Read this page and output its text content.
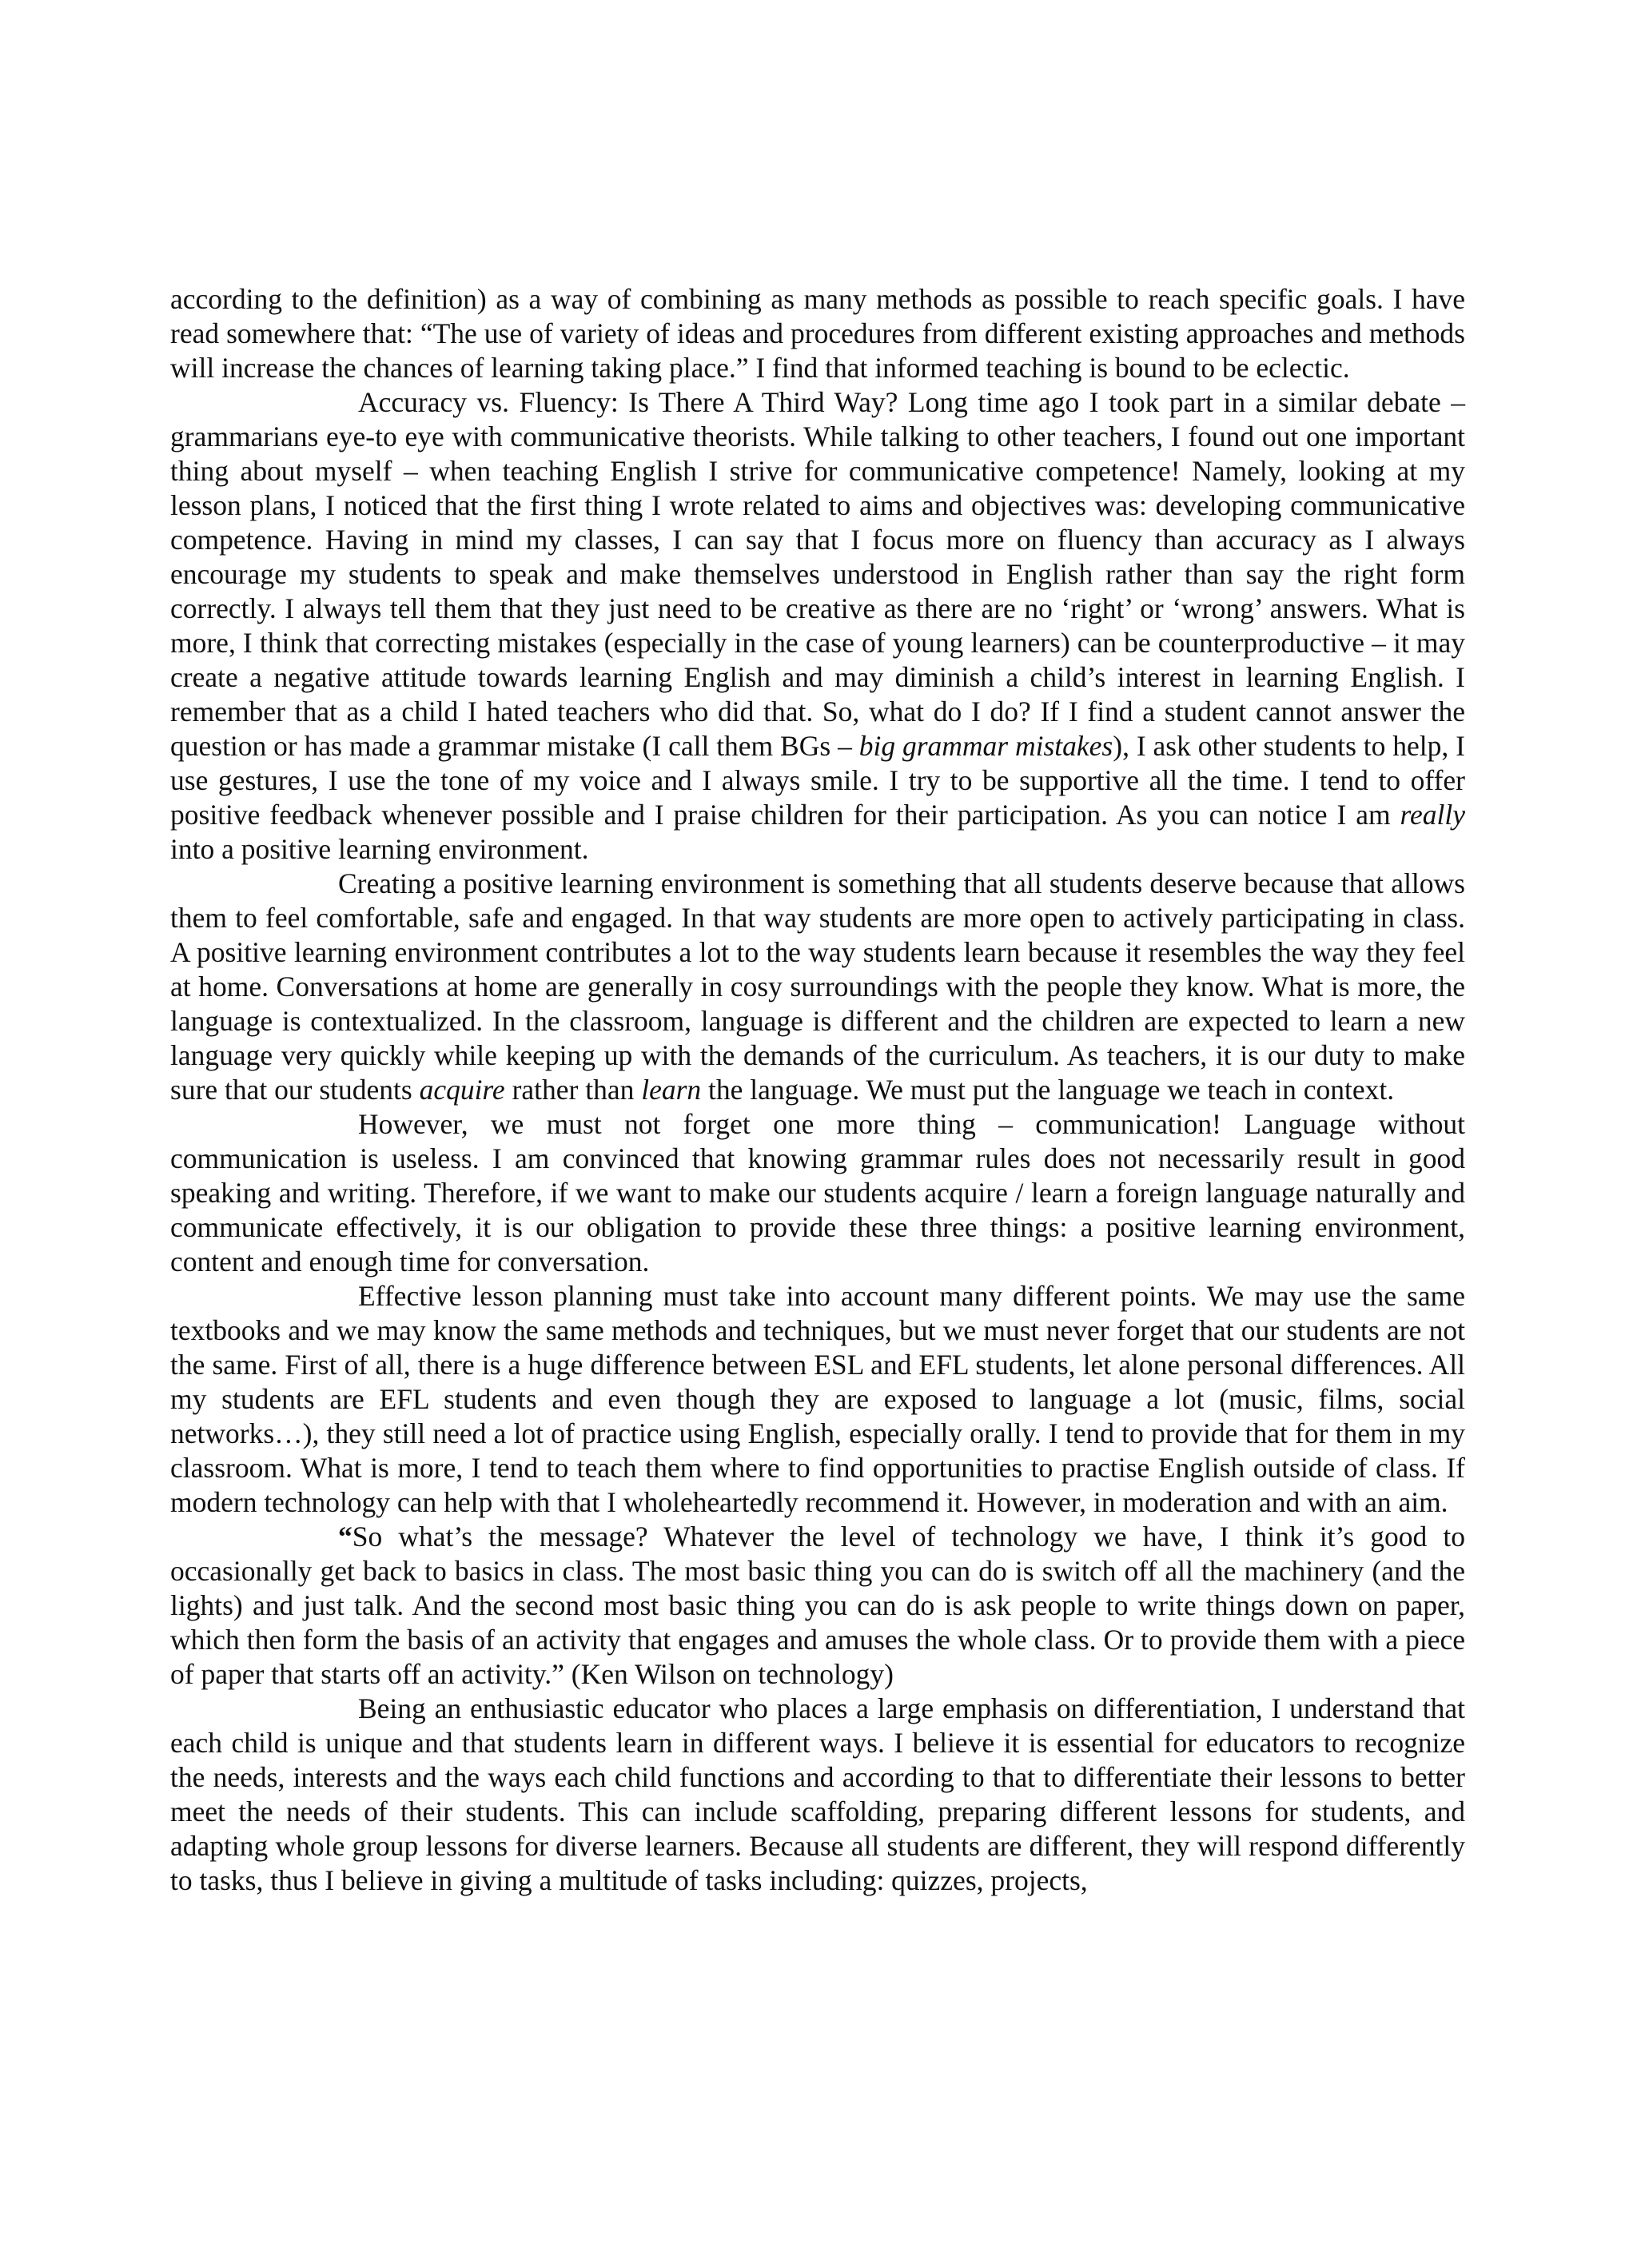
according to the definition) as a way of combining as many methods as possible to reach specific goals. I have read somewhere that: “The use of variety of ideas and procedures from different existing approaches and methods will increase the chances of learning taking place.” I find that informed teaching is bound to be eclectic.

Accuracy vs. Fluency: Is There A Third Way? Long time ago I took part in a similar debate – grammarians eye-to eye with communicative theorists. While talking to other teachers, I found out one important thing about myself – when teaching English I strive for communicative competence! Namely, looking at my lesson plans, I noticed that the first thing I wrote related to aims and objectives was: developing communicative competence. Having in mind my classes, I can say that I focus more on fluency than accuracy as I always encourage my students to speak and make themselves understood in English rather than say the right form correctly. I always tell them that they just need to be creative as there are no ‘right’ or ‘wrong’ answers. What is more, I think that correcting mistakes (especially in the case of young learners) can be counterproductive – it may create a negative attitude towards learning English and may diminish a child’s interest in learning English. I remember that as a child I hated teachers who did that. So, what do I do? If I find a student cannot answer the question or has made a grammar mistake (I call them BGs – big grammar mistakes), I ask other students to help, I use gestures, I use the tone of my voice and I always smile. I try to be supportive all the time. I tend to offer positive feedback whenever possible and I praise children for their participation. As you can notice I am really into a positive learning environment.

Creating a positive learning environment is something that all students deserve because that allows them to feel comfortable, safe and engaged. In that way students are more open to actively participating in class. A positive learning environment contributes a lot to the way students learn because it resembles the way they feel at home. Conversations at home are generally in cosy surroundings with the people they know. What is more, the language is contextualized. In the classroom, language is different and the children are expected to learn a new language very quickly while keeping up with the demands of the curriculum. As teachers, it is our duty to make sure that our students acquire rather than learn the language. We must put the language we teach in context.

However, we must not forget one more thing – communication! Language without communication is useless. I am convinced that knowing grammar rules does not necessarily result in good speaking and writing. Therefore, if we want to make our students acquire / learn a foreign language naturally and communicate effectively, it is our obligation to provide these three things: a positive learning environment, content and enough time for conversation.

Effective lesson planning must take into account many different points. We may use the same textbooks and we may know the same methods and techniques, but we must never forget that our students are not the same. First of all, there is a huge difference between ESL and EFL students, let alone personal differences. All my students are EFL students and even though they are exposed to language a lot (music, films, social networks…), they still need a lot of practice using English, especially orally. I tend to provide that for them in my classroom. What is more, I tend to teach them where to find opportunities to practise English outside of class. If modern technology can help with that I wholeheartedly recommend it. However, in moderation and with an aim.

“So what’s the message? Whatever the level of technology we have, I think it’s good to occasionally get back to basics in class. The most basic thing you can do is switch off all the machinery (and the lights) and just talk. And the second most basic thing you can do is ask people to write things down on paper, which then form the basis of an activity that engages and amuses the whole class. Or to provide them with a piece of paper that starts off an activity.” (Ken Wilson on technology)

Being an enthusiastic educator who places a large emphasis on differentiation, I understand that each child is unique and that students learn in different ways. I believe it is essential for educators to recognize the needs, interests and the ways each child functions and according to that to differentiate their lessons to better meet the needs of their students. This can include scaffolding, preparing different lessons for students, and adapting whole group lessons for diverse learners. Because all students are different, they will respond differently to tasks, thus I believe in giving a multitude of tasks including: quizzes, projects,
